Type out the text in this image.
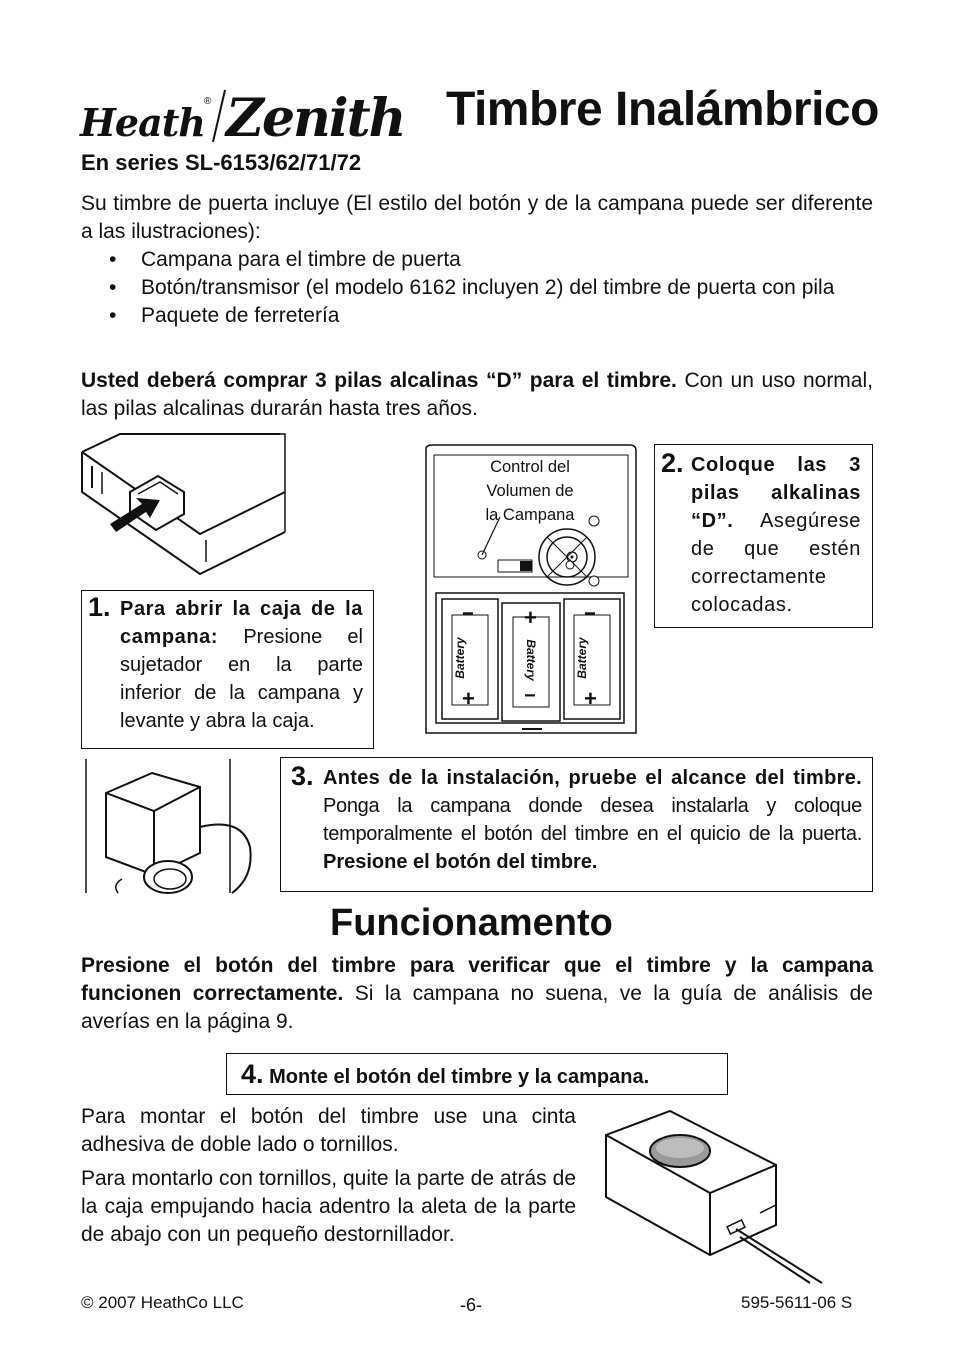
Heath ® Zenith Timbre Inalámbrico
En series SL-6153/62/71/72
Su timbre de puerta incluye (El estilo del botón y de la campana puede ser diferente a las ilustraciones):
• Campana para el timbre de puerta
• Botón/transmisor (el modelo 6162 incluyen 2) del timbre de puerta con pila
• Paquete de ferretería
Usted deberá comprar 3 pilas alcalinas “D” para el timbre. Con un uso normal, las pilas alcalinas durarán hasta tres años.
1. Para abrir la caja de la campana: Presione el sujetador en la parte inferior de la campana y levante y abra la caja.
Control del
Volumen de
la Campana
−
+
Battery
+
−
Battery
−
+
Battery
2. Coloque las 3 pilas alkalinas “D”. Asegúrese de que estén correctamente colocadas.
3. Antes de la instalación, pruebe el alcance del timbre. Ponga la campana donde desea instalarla y coloque temporalmente el botón del timbre en el quicio de la puerta. Presione el botón del timbre.
Funcionamento
Presione el botón del timbre para verificar que el timbre y la campana funcionen correctamente. Si la campana no suena, ve la guía de análisis de averías en la página 9.
4. Monte el botón del timbre y la campana.
Para montar el botón del timbre use una cinta adhesiva de doble lado o tornillos.
Para montarlo con tornillos, quite la parte de atrás de la caja empujando hacia adentro la aleta de la parte de abajo con un pequeño destornillador.
© 2007 HeathCo LLC	-6-	595-5611-06 S
